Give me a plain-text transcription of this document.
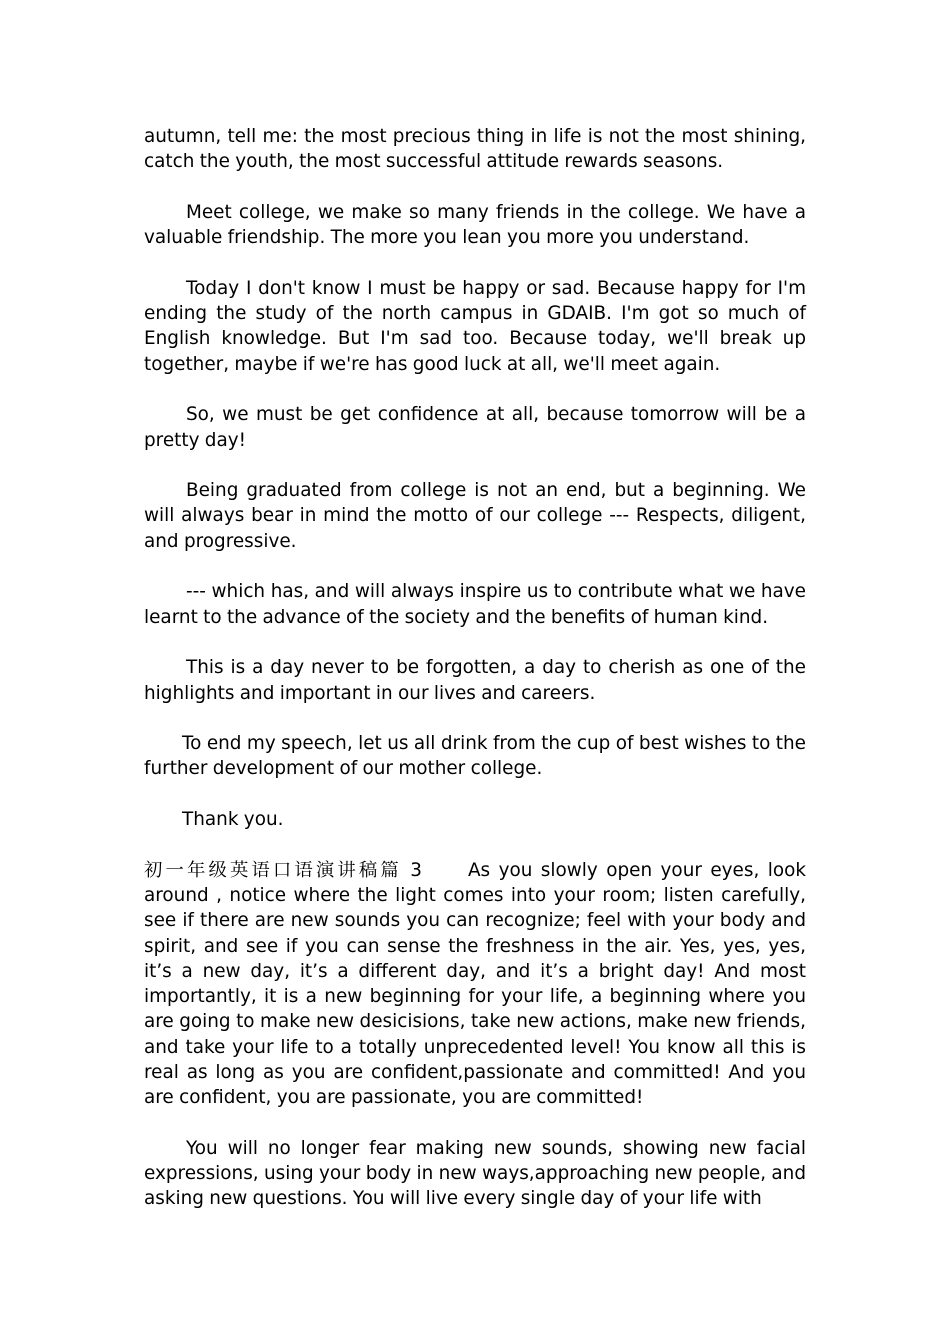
autumn, tell me: the most precious thing in life is not the most shining, catch the youth, the most successful attitude rewards seasons.

Meet college, we make so many friends in the college. We have a valuable friendship. The more you lean you more you understand.

Today I don't know I must be happy or sad. Because happy for I'm ending the study of the north campus in GDAIB. I'm got so much of English knowledge. But I'm sad too. Because today, we'll break up together, maybe if we're has good luck at all, we'll meet again.

So, we must be get confidence at all, because tomorrow will be a pretty day!

Being graduated from college is not an end, but a beginning. We will always bear in mind the motto of our college --- Respects, diligent, and progressive.

--- which has, and will always inspire us to contribute what we have learnt to the advance of the society and the benefits of human kind.

This is a day never to be forgotten, a day to cherish as one of the highlights and important in our lives and careers.

To end my speech, let us all drink from the cup of best wishes to the further development of our mother college.

Thank you.

初一年级英语口语演讲稿篇 3	As you slowly open your eyes, look around , notice where the light comes into your room; listen carefully, see if there are new sounds you can recognize; feel with your body and spirit, and see if you can sense the freshness in the air. Yes, yes, yes, it’s a new day, it’s a different day, and it’s a bright day! And most importantly, it is a new beginning for your life, a beginning where you are going to make new desicisions, take new actions, make new friends, and take your life to a totally unprecedented level! You know all this is real as long as you are confident,passionate and committed! And you are confident, you are passionate, you are committed!

You will no longer fear making new sounds, showing new facial expressions, using your body in new ways,approaching new people, and asking new questions. You will live every single day of your life with
